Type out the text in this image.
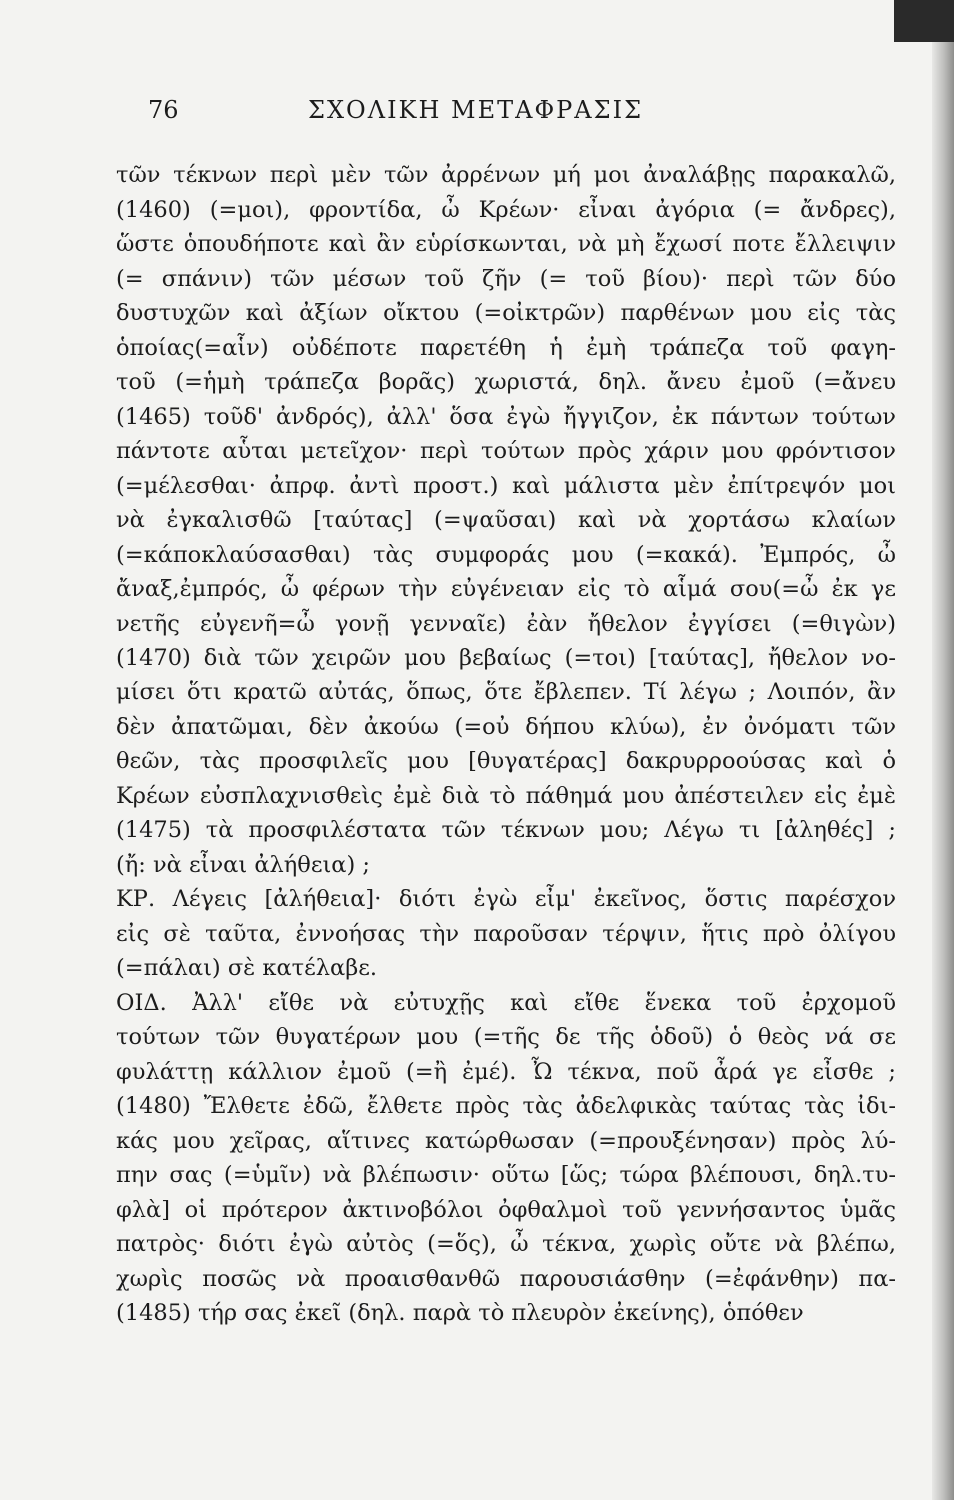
76	ΣΧΟΛΙΚΗ ΜΕΤΑΦΡΑΣΙΣ
τῶν τέκνων περὶ μὲν τῶν ἀρρένων μή μοι ἀναλάβῃς παρακαλῶ,
(1460) (=μοι), φροντίδα, ὦ Κρέων· εἶναι ἀγόρια (= ἄνδρες),
ὥστε ὁπουδήποτε καὶ ἂν εὑρίσκωνται, νὰ μὴ ἔχωσί ποτε ἔλλειψιν
(= σπάνιν) τῶν μέσων τοῦ ζῆν (= τοῦ βίου)· περὶ τῶν δύο
δυστυχῶν καὶ ἀξίων οἴκτου (=οἰκτρῶν) παρθένων μου εἰς τὰς
ὁποίας(=αἷν) οὐδέποτε παρετέθη ἡ ἐμὴ τράπεζα τοῦ φαγη-
τοῦ (=ἡμὴ τράπεζα βορᾶς) χωριστά, δηλ. ἄνευ ἐμοῦ (=ἄνευ
(1465) τοῦδ' ἀνδρός), ἀλλ' ὅσα ἐγὼ ἤγγιζον, ἐκ πάντων τούτων
πάντοτε αὗται μετεῖχον· περὶ τούτων πρὸς χάριν μου φρόντισον
(=μέλεσθαι· ἀπρφ. ἀντὶ προστ.) καὶ μάλιστα μὲν ἐπίτρεψόν μοι
νὰ ἐγκαλισθῶ [ταύτας] (=ψαῦσαι) καὶ νὰ χορτάσω κλαίων
(=κάποκλαύσασθαι) τὰς συμφοράς μου (=κακά). Ἐμπρός, ὦ
ἄναξ,ἐμπρός, ὦ φέρων τὴν εὐγένειαν εἰς τὸ αἷμά σου(=ὦ ἐκ γε
νετῆς εὐγενῆ=ὦ γονῇ γενναῖε) ἐὰν ἤθελον ἐγγίσει (=θιγὼν)
(1470) διὰ τῶν χειρῶν μου βεβαίως (=τοι) [ταύτας], ἤθελον νο-
μίσει ὅτι κρατῶ αὐτάς, ὅπως, ὅτε ἔβλεπεν. Τί λέγω ; Λοιπόν, ἂν
δὲν ἀπατῶμαι, δὲν ἀκούω (=οὐ δήπου κλύω), ἐν ὀνόματι τῶν
θεῶν, τὰς προσφιλεῖς μου [θυγατέρας] δακρυρροούσας καὶ ὁ
Κρέων εὐσπλαχνισθεὶς ἐμὲ διὰ τὸ πάθημά μου ἀπέστειλεν εἰς ἐμὲ
(1475) τὰ προσφιλέστατα τῶν τέκνων μου; Λέγω τι [ἀληθές] ;
(ἤ: νὰ εἶναι ἀλήθεια) ;
ΚΡ. Λέγεις [ἀλήθεια]· διότι ἐγὼ εἶμ' ἐκεῖνος, ὅστις παρέσχον
εἰς σὲ ταῦτα, ἐννοήσας τὴν παροῦσαν τέρψιν, ἥτις πρὸ ὀλίγου
(=πάλαι) σὲ κατέλαβε.
ΟΙΔ. Ἀλλ' εἴθε νὰ εὐτυχῇς καὶ εἴθε ἕνεκα τοῦ ἐρχομοῦ
τούτων τῶν θυγατέρων μου (=τῆς δε τῆς ὁδοῦ) ὁ θεὸς νά σε
φυλάττῃ κάλλιον ἐμοῦ (=ἢ ἐμέ). Ὦ τέκνα, ποῦ ἆρά γε εἶσθε ;
(1480) Ἔλθετε ἐδῶ, ἔλθετε πρὸς τὰς ἀδελφικὰς ταύτας τὰς ἰδι-
κάς μου χεῖρας, αἵτινες κατώρθωσαν (=προυξένησαν) πρὸς λύ-
πην σας (=ὑμῖν) νὰ βλέπωσιν· οὕτω [ὥς; τώρα βλέπουσι, δηλ.τυ-
φλὰ] οἱ πρότερον ἀκτινοβόλοι ὀφθαλμοὶ τοῦ γεννήσαντος ὑμᾶς
πατρὸς· διότι ἐγὼ αὐτὸς (=ὅς), ὦ τέκνα, χωρὶς οὔτε νὰ βλέπω,
χωρὶς ποσῶς νὰ προαισθανθῶ παρουσιάσθην (=ἐφάνθην) πα-
(1485) τήρ σας ἐκεῖ (δηλ. παρὰ τὸ πλευρὸν ἐκείνης), ὁπόθεν
